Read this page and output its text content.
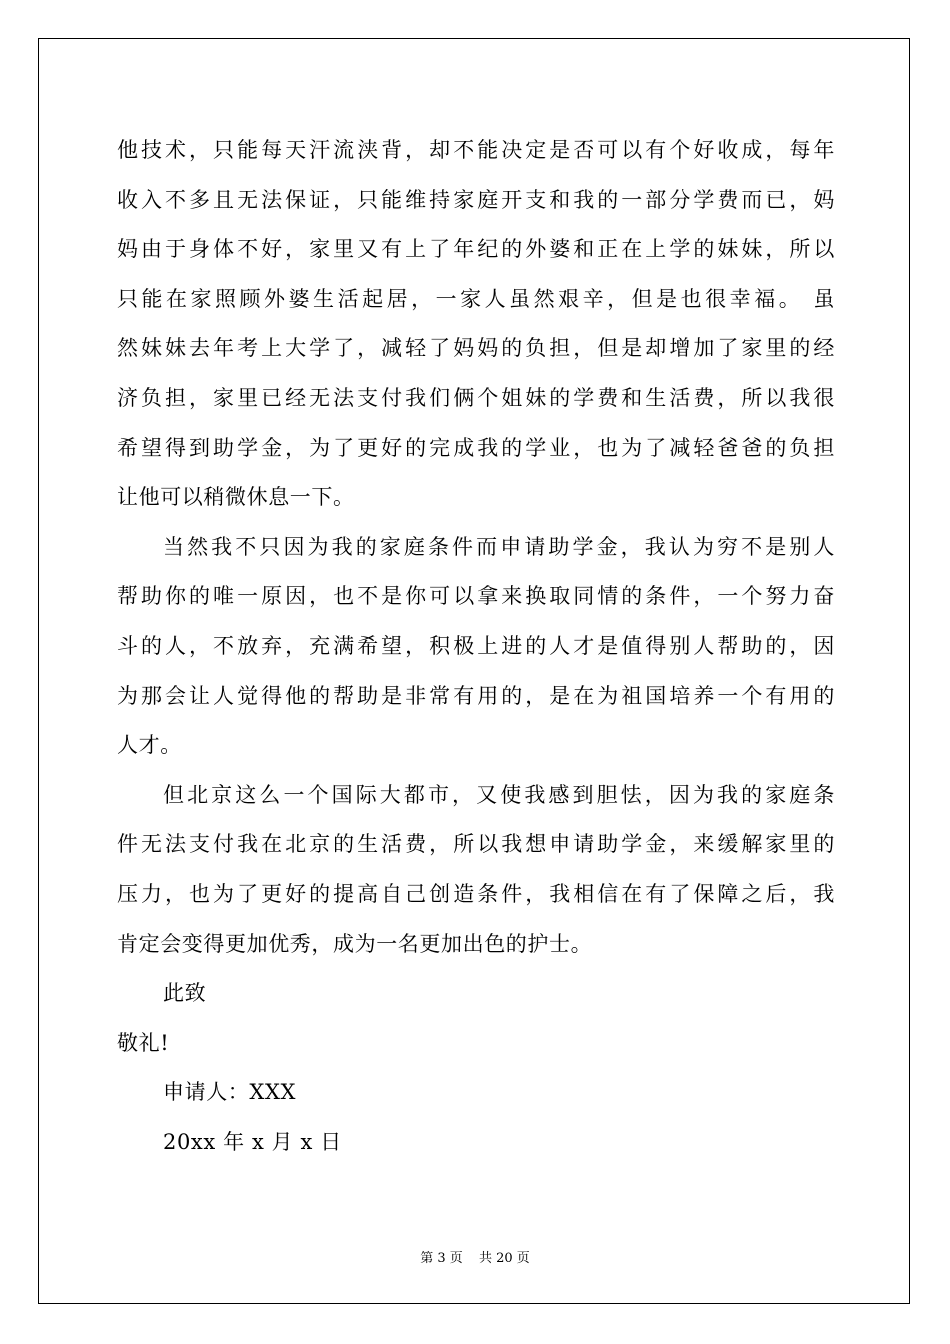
他技术，只能每天汗流浃背，却不能决定是否可以有个好收成，每年
收入不多且无法保证，只能维持家庭开支和我的一部分学费而已，妈
妈由于身体不好，家里又有上了年纪的外婆和正在上学的妹妹，所以
只能在家照顾外婆生活起居，一家人虽然艰辛，但是也很幸福。 虽
然妹妹去年考上大学了，减轻了妈妈的负担，但是却增加了家里的经
济负担，家里已经无法支付我们俩个姐妹的学费和生活费，所以我很
希望得到助学金，为了更好的完成我的学业，也为了减轻爸爸的负担
让他可以稍微休息一下。
当然我不只因为我的家庭条件而申请助学金，我认为穷不是别人
帮助你的唯一原因，也不是你可以拿来换取同情的条件，一个努力奋
斗的人，不放弃，充满希望，积极上进的人才是值得别人帮助的，因
为那会让人觉得他的帮助是非常有用的，是在为祖国培养一个有用的
人才。
但北京这么一个国际大都市，又使我感到胆怯，因为我的家庭条
件无法支付我在北京的生活费，所以我想申请助学金，来缓解家里的
压力，也为了更好的提高自己创造条件，我相信在有了保障之后，我
肯定会变得更加优秀，成为一名更加出色的护士。
此致
敬礼!
申请人：XXX
20xx 年 x 月 x 日
第 3 页 共 20 页
